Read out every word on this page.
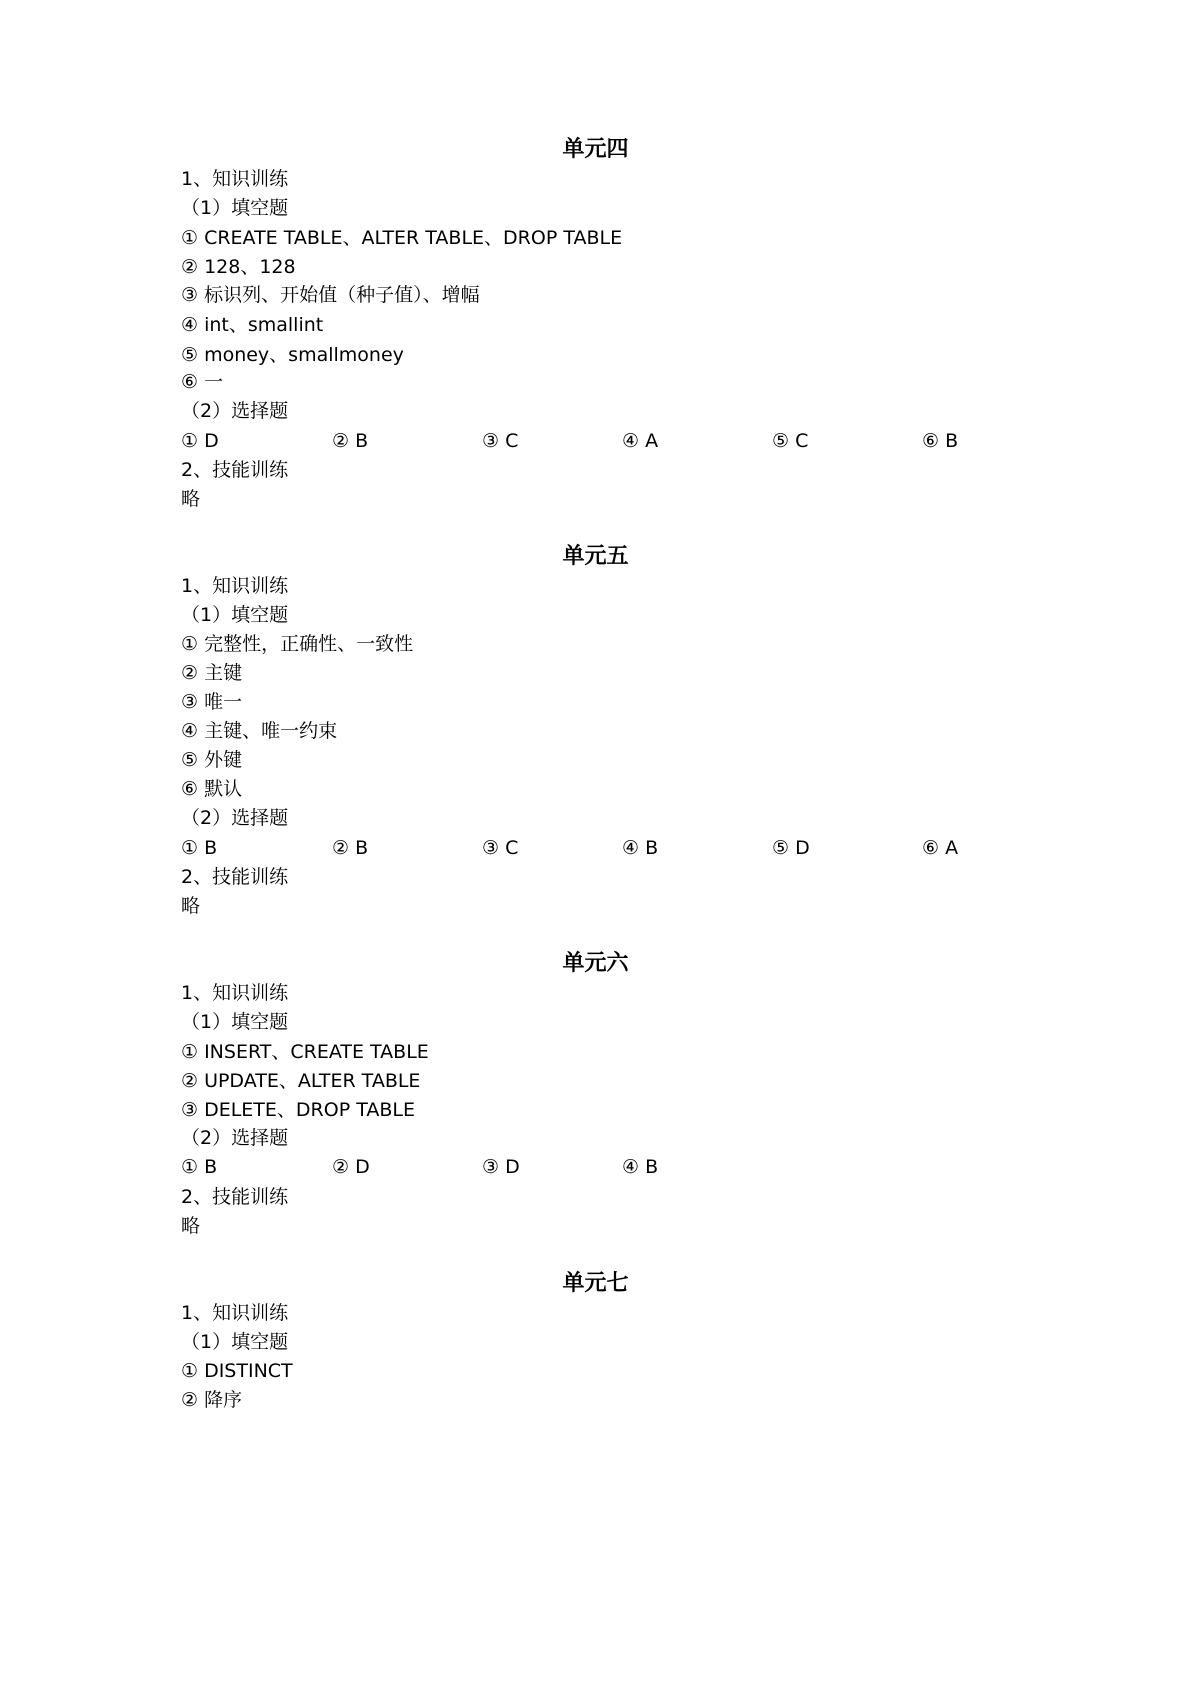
单元四
1、知识训练
（1）填空题
① CREATE TABLE、ALTER TABLE、DROP TABLE
② 128、128
③ 标识列、开始值（种子值）、增幅
④ int、smallint
⑤ money、smallmoney
⑥ 一
（2）选择题
① D	② B	③ C	④ A	⑤ C	⑥ B
2、技能训练
略
单元五
1、知识训练
（1）填空题
① 完整性，正确性、一致性
② 主键
③ 唯一
④ 主键、唯一约束
⑤ 外键
⑥ 默认
（2）选择题
① B	② B	③ C	④ B	⑤ D	⑥ A
2、技能训练
略
单元六
1、知识训练
（1）填空题
① INSERT、CREATE TABLE
② UPDATE、ALTER TABLE
③ DELETE、DROP TABLE
（2）选择题
① B	② D	③ D	④ B
2、技能训练
略
单元七
1、知识训练
（1）填空题
① DISTINCT
② 降序
